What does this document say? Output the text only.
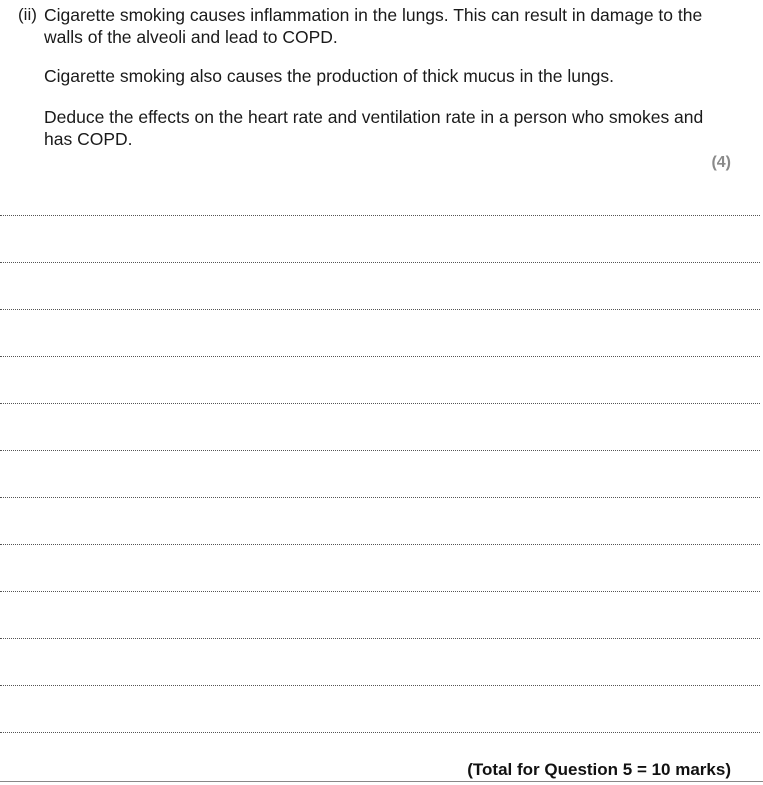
(ii) Cigarette smoking causes inflammation in the lungs. This can result in damage to the walls of the alveoli and lead to COPD.

Cigarette smoking also causes the production of thick mucus in the lungs.

Deduce the effects on the heart rate and ventilation rate in a person who smokes and has COPD.

(4)
(Total for Question 5 = 10 marks)
